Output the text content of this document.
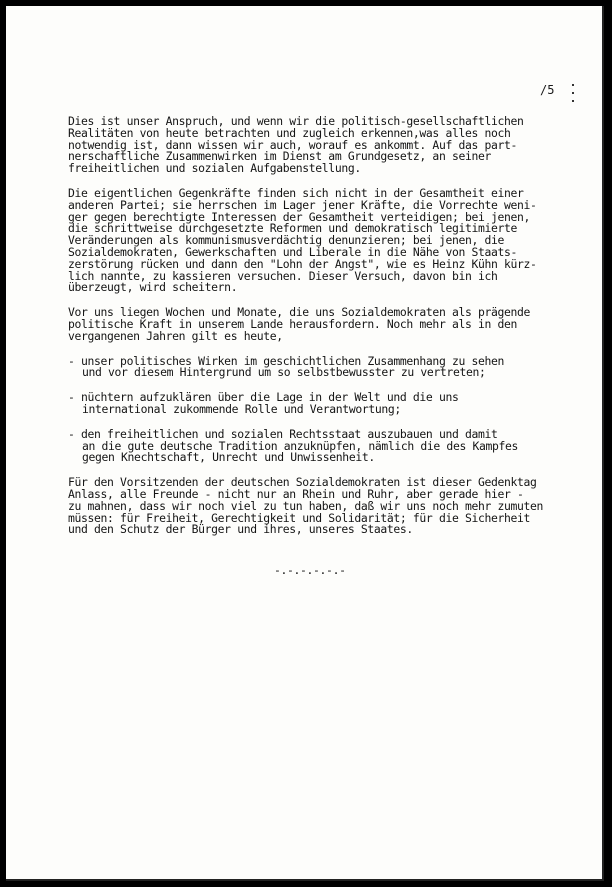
/5
Dies ist unser Anspruch, und wenn wir die politisch-gesellschaftlichen
Realitäten von heute betrachten und zugleich erkennen,was alles noch
notwendig ist, dann wissen wir auch, worauf es ankommt. Auf das part-
nerschaftliche Zusammenwirken im Dienst am Grundgesetz, an seiner
freiheitlichen und sozialen Aufgabenstellung.
Die eigentlichen Gegenkräfte finden sich nicht in der Gesamtheit einer
anderen Partei; sie herrschen im Lager jener Kräfte, die Vorrechte weni-
ger gegen berechtigte Interessen der Gesamtheit verteidigen; bei jenen,
die schrittweise durchgesetzte Reformen und demokratisch legitimierte
Veränderungen als kommunismusverdächtig denunzieren; bei jenen, die
Sozialdemokraten, Gewerkschaften und Liberale in die Nähe von Staats-
zerstörung rücken und dann den "Lohn der Angst", wie es Heinz Kühn kürz-
lich nannte, zu kassieren versuchen. Dieser Versuch, davon bin ich
überzeugt, wird scheitern.
Vor uns liegen Wochen und Monate, die uns Sozialdemokraten als prägende
politische Kraft in unserem Lande herausfordern. Noch mehr als in den
vergangenen Jahren gilt es heute,
- unser politisches Wirken im geschichtlichen Zusammenhang zu sehen
und vor diesem Hintergrund um so selbstbewusster zu vertreten;
- nüchtern aufzuklären über die Lage in der Welt und die uns
international zukommende Rolle und Verantwortung;
- den freiheitlichen und sozialen Rechtsstaat auszubauen und damit
an die gute deutsche Tradition anzuknüpfen, nämlich die des Kampfes
gegen Knechtschaft, Unrecht und Unwissenheit.
Für den Vorsitzenden der deutschen Sozialdemokraten ist dieser Gedenktag
Anlass, alle Freunde - nicht nur an Rhein und Ruhr, aber gerade hier -
zu mahnen, dass wir noch viel zu tun haben, daß wir uns noch mehr zumuten
müssen: für Freiheit, Gerechtigkeit und Solidarität; für die Sicherheit
und den Schutz der Bürger und ihres, unseres Staates.
-.-.-.-.-.-
